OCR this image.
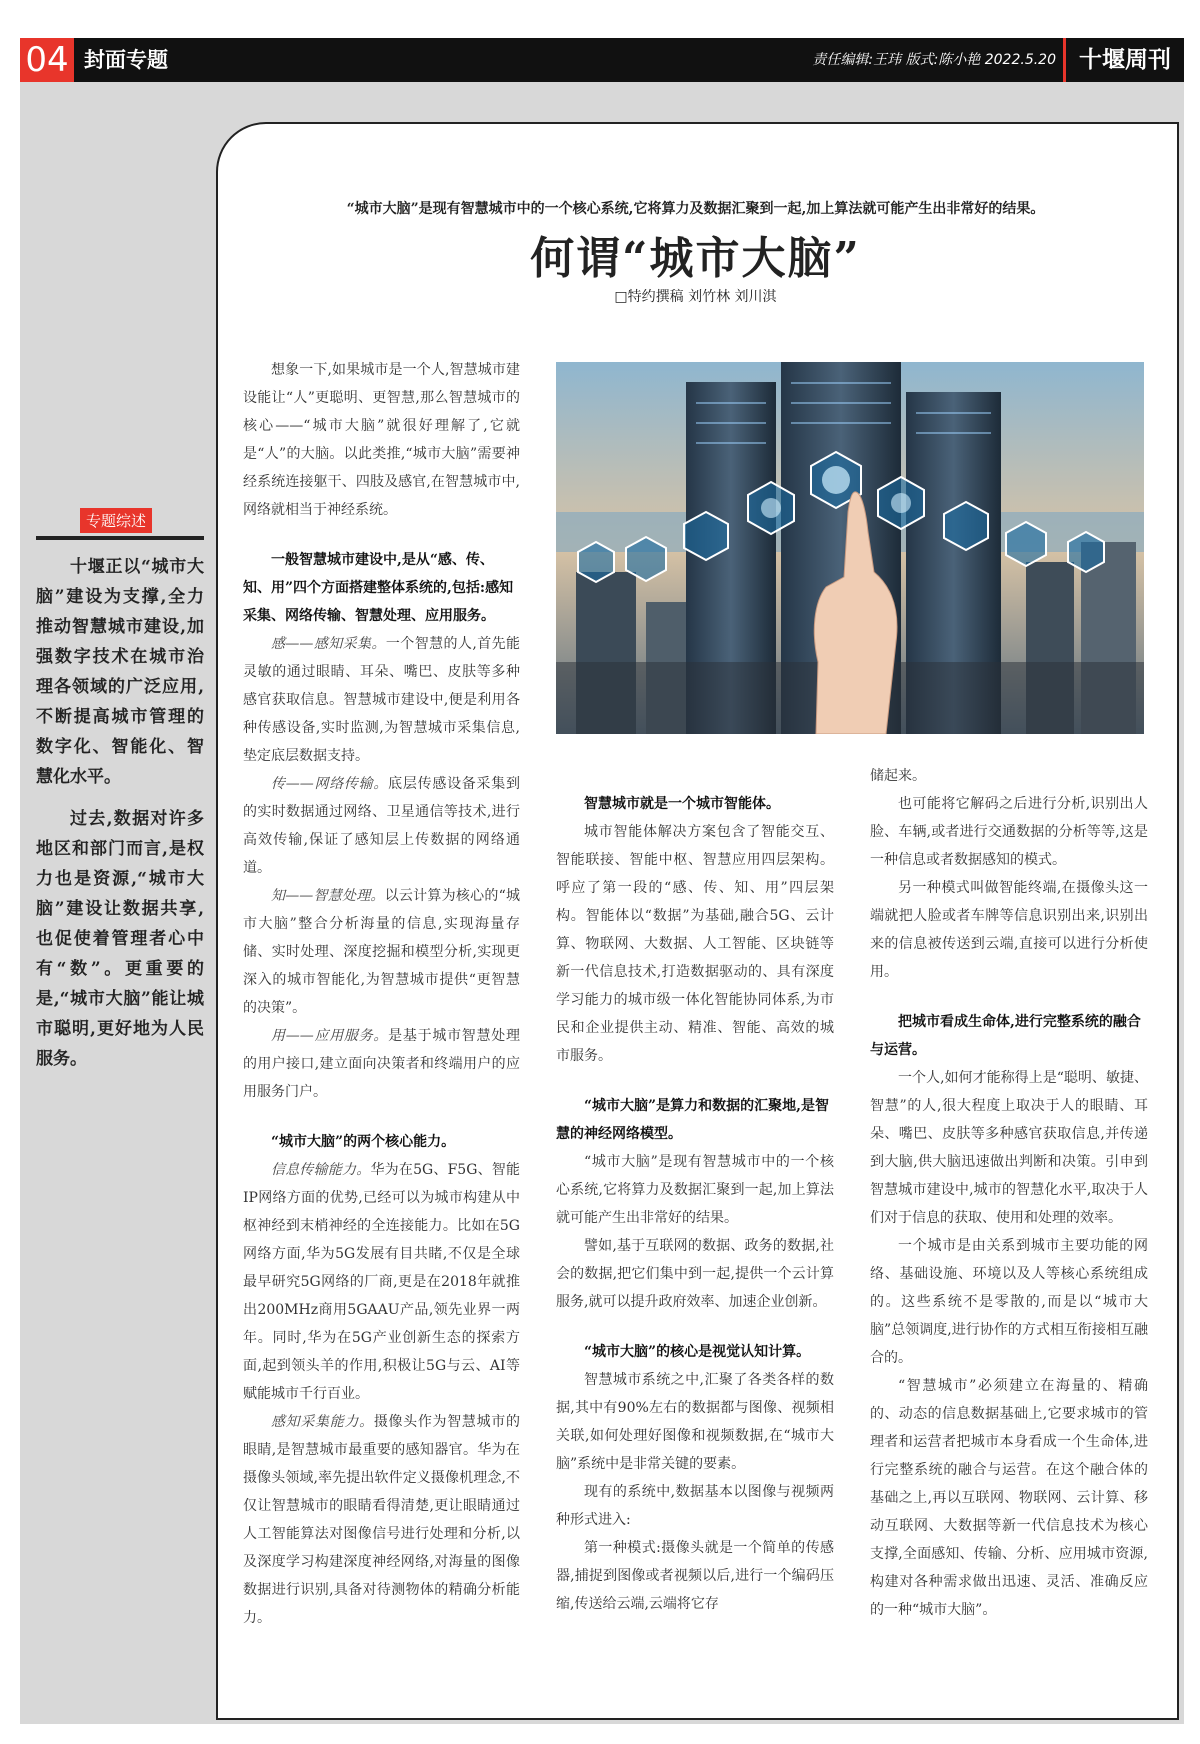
04 封面专题	责任编辑:王玮 版式:陈小艳 2022.5.20	十堰周刊
“城市大脑”是现有智慧城市中的一个核心系统,它将算力及数据汇聚到一起,加上算法就可能产生出非常好的结果。
何谓“城市大脑”
□特约撰稿 刘竹林 刘川淇
专题综述

十堰正以“城市大脑”建设为支撑,全力推动智慧城市建设,加强数字技术在城市治理各领域的广泛应用,不断提高城市管理的数字化、智能化、智慧化水平。

过去,数据对许多地区和部门而言,是权力也是资源,“城市大脑”建设让数据共享,也促使着管理者心中有“数”。更重要的是,“城市大脑”能让城市聪明,更好地为人民服务。

想象一下,如果城市是一个人,智慧城市建设能让“人”更聪明、更智慧,那么智慧城市的核心——“城市大脑”就很好理解了,它就是“人”的大脑。以此类推,“城市大脑”需要神经系统连接躯干、四肢及感官,在智慧城市中,网络就相当于神经系统。

一般智慧城市建设中,是从“感、传、知、用”四个方面搭建整体系统的,包括:感知采集、网络传输、智慧处理、应用服务。

感——感知采集。一个智慧的人,首先能灵敏的通过眼睛、耳朵、嘴巴、皮肤等多种感官获取信息。智慧城市建设中,便是利用各种传感设备,实时监测,为智慧城市采集信息,垫定底层数据支持。

传——网络传输。底层传感设备采集到的实时数据通过网络、卫星通信等技术,进行高效传输,保证了感知层上传数据的网络通道。

知——智慧处理。以云计算为核心的“城市大脑”整合分析海量的信息,实现海量存储、实时处理、深度挖掘和模型分析,实现更深入的城市智能化,为智慧城市提供“更智慧的决策”。

用——应用服务。是基于城市智慧处理的用户接口,建立面向决策者和终端用户的应用服务门户。

“城市大脑”的两个核心能力。

信息传输能力。华为在5G、F5G、智能IP网络方面的优势,已经可以为城市构建从中枢神经到末梢神经的全连接能力。比如在5G网络方面,华为5G发展有目共睹,不仅是全球最早研究5G网络的厂商,更是在2018年就推出200MHz商用5GAAU产品,领先业界一两年。同时,华为在5G产业创新生态的探索方面,起到领头羊的作用,积极让5G与云、AI等赋能城市千行百业。

感知采集能力。摄像头作为智慧城市的眼睛,是智慧城市最重要的感知器官。华为在摄像头领域,率先提出软件定义摄像机理念,不仅让智慧城市的眼睛看得清楚,更让眼睛通过人工智能算法对图像信号进行处理和分析,以及深度学习构建深度神经网络,对海量的图像数据进行识别,具备对待测物体的精确分析能力。

智慧城市就是一个城市智能体。

城市智能体解决方案包含了智能交互、智能联接、智能中枢、智慧应用四层架构。呼应了第一段的“感、传、知、用”四层架构。智能体以“数据”为基础,融合5G、云计算、物联网、大数据、人工智能、区块链等新一代信息技术,打造数据驱动的、具有深度学习能力的城市级一体化智能协同体系,为市民和企业提供主动、精准、智能、高效的城市服务。

“城市大脑”是算力和数据的汇聚地,是智慧的神经网络模型。

“城市大脑”是现有智慧城市中的一个核心系统,它将算力及数据汇聚到一起,加上算法就可能产生出非常好的结果。

譬如,基于互联网的数据、政务的数据,社会的数据,把它们集中到一起,提供一个云计算服务,就可以提升政府效率、加速企业创新。

“城市大脑”的核心是视觉认知计算。

智慧城市系统之中,汇聚了各类各样的数据,其中有90%左右的数据都与图像、视频相关联,如何处理好图像和视频数据,在“城市大脑”系统中是非常关键的要素。

现有的系统中,数据基本以图像与视频两种形式进入:

第一种模式:摄像头就是一个简单的传感器,捕捉到图像或者视频以后,进行一个编码压缩,传送给云端,云端将它存

储起来。

也可能将它解码之后进行分析,识别出人脸、车辆,或者进行交通数据的分析等等,这是一种信息或者数据感知的模式。

另一种模式叫做智能终端,在摄像头这一端就把人脸或者车牌等信息识别出来,识别出来的信息被传送到云端,直接可以进行分析使用。

把城市看成生命体,进行完整系统的融合与运营。

一个人,如何才能称得上是“聪明、敏捷、智慧”的人,很大程度上取决于人的眼睛、耳朵、嘴巴、皮肤等多种感官获取信息,并传递到大脑,供大脑迅速做出判断和决策。引申到智慧城市建设中,城市的智慧化水平,取决于人们对于信息的获取、使用和处理的效率。

一个城市是由关系到城市主要功能的网络、基础设施、环境以及人等核心系统组成的。这些系统不是零散的,而是以“城市大脑”总领调度,进行协作的方式相互衔接相互融合的。

“智慧城市”必须建立在海量的、精确的、动态的信息数据基础上,它要求城市的管理者和运营者把城市本身看成一个生命体,进行完整系统的融合与运营。在这个融合体的基础之上,再以互联网、物联网、云计算、移动互联网、大数据等新一代信息技术为核心支撑,全面感知、传输、分析、应用城市资源,构建对各种需求做出迅速、灵活、准确反应的一种“城市大脑”。
